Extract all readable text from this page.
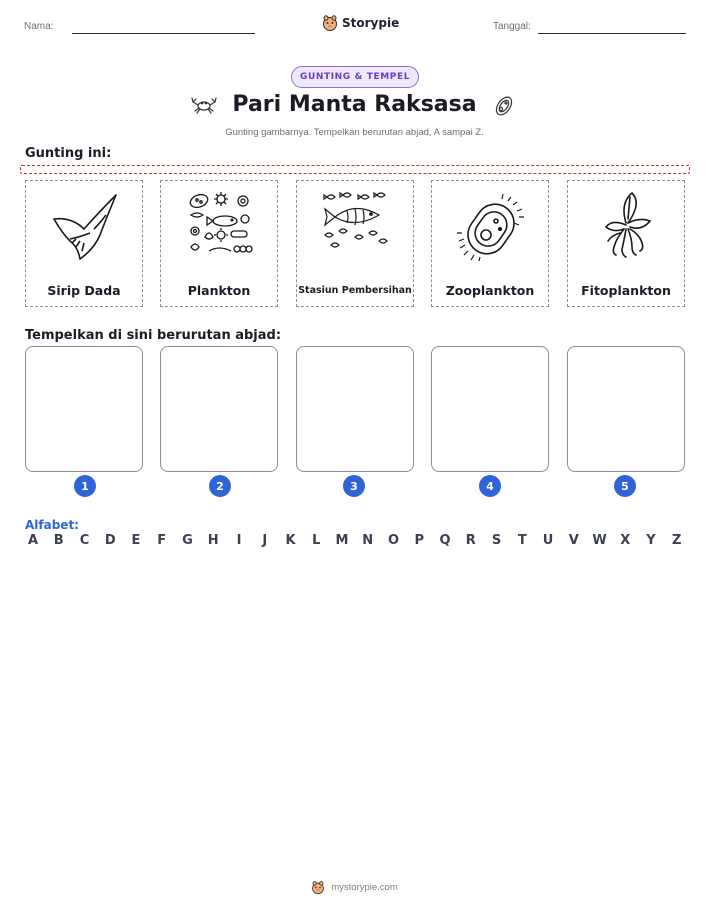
Nama:	Storypie	Tanggal:
GUNTING & TEMPEL
Pari Manta Raksasa
Gunting gambarnya. Tempelkan berurutan abjad, A sampai Z.
Gunting ini:
Sirip Dada	Plankton	Stasiun Pembersihan	Zooplankton	Fitoplankton
Tempelkan di sini berurutan abjad:
1	2	3	4	5
Alfabet:
A B C D E F G H	I	J	K L M N O P Q R S T U V W X Y Z
mystorypie.com
